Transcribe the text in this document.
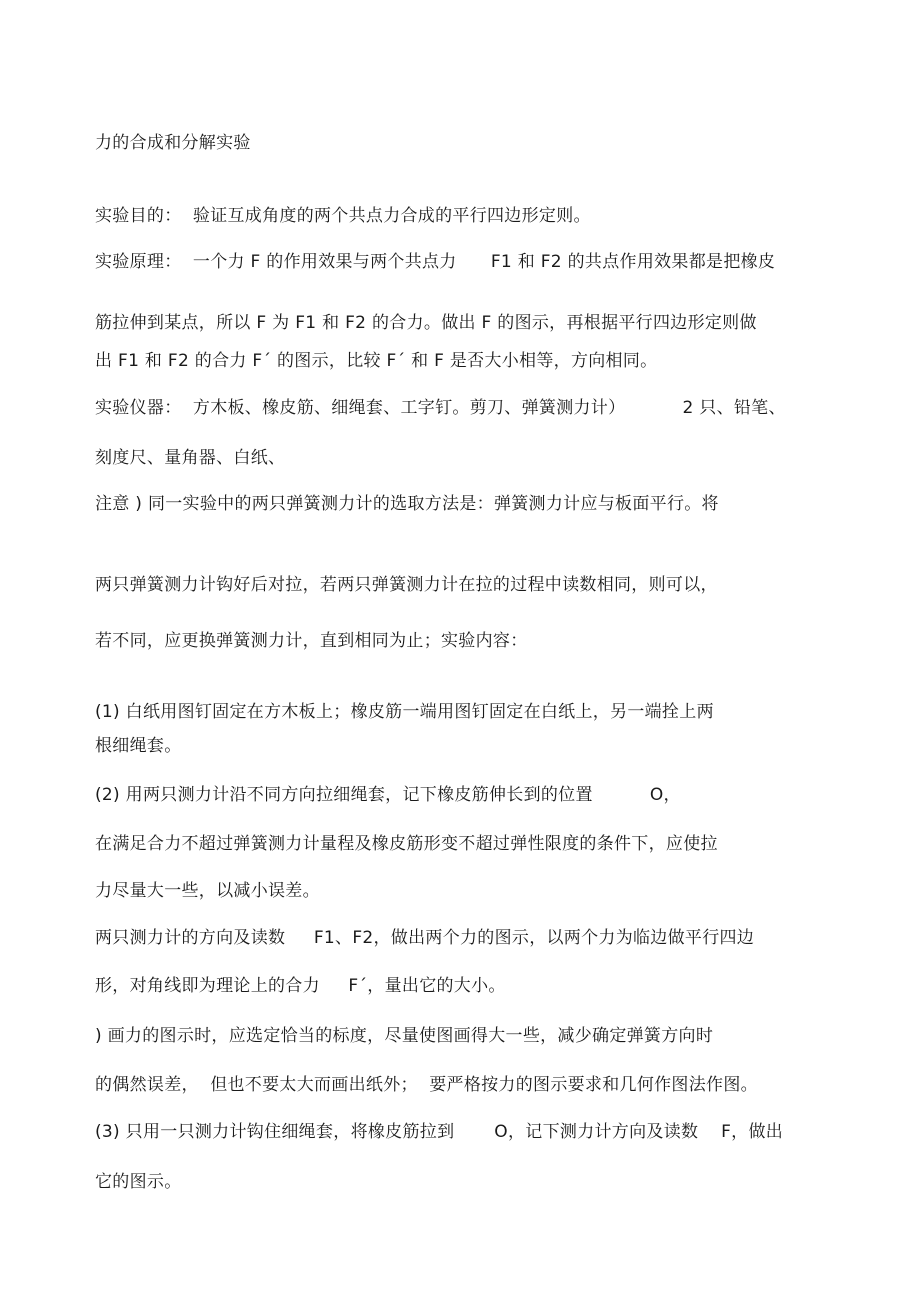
力的合成和分解实验
实验目的：  验证互成角度的两个共点力合成的平行四边形定则。
实验原理：  一个力 F 的作用效果与两个共点力      F1 和 F2 的共点作用效果都是把橡皮
筋拉伸到某点，所以 F 为 F1 和 F2 的合力。做出 F 的图示，再根据平行四边形定则做
出 F1 和 F2 的合力 F´ 的图示，比较 F´ 和 F 是否大小相等，方向相同。
实验仪器：  方木板、橡皮筋、细绳套、工字钉。剪刀、弹簧测力计）          2 只、铅笔、
刻度尺、量角器、白纸、
注意 ) 同一实验中的两只弹簧测力计的选取方法是：弹簧测力计应与板面平行。将
两只弹簧测力计钩好后对拉，若两只弹簧测力计在拉的过程中读数相同，则可以，
若不同，应更换弹簧测力计，直到相同为止；实验内容：
(1) 白纸用图钉固定在方木板上；橡皮筋一端用图钉固定在白纸上，另一端拴上两
根细绳套。
(2) 用两只测力计沿不同方向拉细绳套，记下橡皮筋伸长到的位置          O，
在满足合力不超过弹簧测力计量程及橡皮筋形变不超过弹性限度的条件下，应使拉
力尽量大一些，以减小误差。
两只测力计的方向及读数     F1、F2，做出两个力的图示，以两个力为临边做平行四边
形，对角线即为理论上的合力     F´，量出它的大小。
) 画力的图示时，应选定恰当的标度，尽量使图画得大一些，减少确定弹簧方向时
的偶然误差，  但也不要太大而画出纸外；  要严格按力的图示要求和几何作图法作图。
(3) 只用一只测力计钩住细绳套，将橡皮筋拉到       O，记下测力计方向及读数    F，做出
它的图示。
